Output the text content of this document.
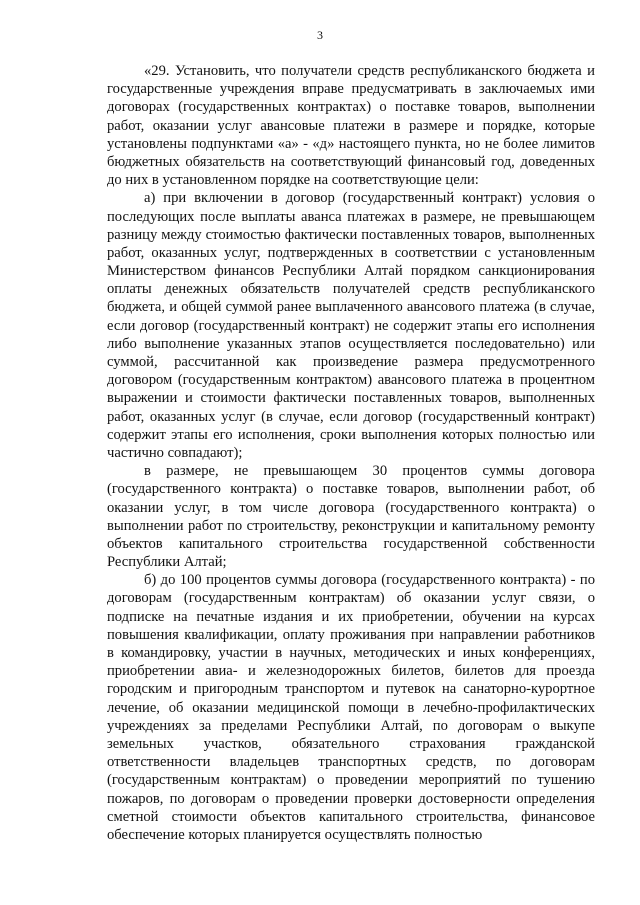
3

«29. Установить, что получатели средств республиканского бюджета и государственные учреждения вправе предусматривать в заключаемых ими договорах (государственных контрактах) о поставке товаров, выполнении работ, оказании услуг авансовые платежи в размере и порядке, которые установлены подпунктами «а» - «д» настоящего пункта, но не более лимитов бюджетных обязательств на соответствующий финансовый год, доведенных до них в установленном порядке на соответствующие цели:

а) при включении в договор (государственный контракт) условия о последующих после выплаты аванса платежах в размере, не превышающем разницу между стоимостью фактически поставленных товаров, выполненных работ, оказанных услуг, подтвержденных в соответствии с установленным Министерством финансов Республики Алтай порядком санкционирования оплаты денежных обязательств получателей средств республиканского бюджета, и общей суммой ранее выплаченного авансового платежа (в случае, если договор (государственный контракт) не содержит этапы его исполнения либо выполнение указанных этапов осуществляется последовательно) или суммой, рассчитанной как произведение размера предусмотренного договором (государственным контрактом) авансового платежа в процентном выражении и стоимости фактически поставленных товаров, выполненных работ, оказанных услуг (в случае, если договор (государственный контракт) содержит этапы его исполнения, сроки выполнения которых полностью или частично совпадают);

в размере, не превышающем 30 процентов суммы договора (государственного контракта) о поставке товаров, выполнении работ, об оказании услуг, в том числе договора (государственного контракта) о выполнении работ по строительству, реконструкции и капитальному ремонту объектов капитального строительства государственной собственности Республики Алтай;

б) до 100 процентов суммы договора (государственного контракта) - по договорам (государственным контрактам) об оказании услуг связи, о подписке на печатные издания и их приобретении, обучении на курсах повышения квалификации, оплату проживания при направлении работников в командировку, участии в научных, методических и иных конференциях, приобретении авиа- и железнодорожных билетов, билетов для проезда городским и пригородным транспортом и путевок на санаторно-курортное лечение, об оказании медицинской помощи в лечебно-профилактических учреждениях за пределами Республики Алтай, по договорам о выкупе земельных участков, обязательного страхования гражданской ответственности владельцев транспортных средств, по договорам (государственным контрактам) о проведении мероприятий по тушению пожаров, по договорам о проведении проверки достоверности определения сметной стоимости объектов капитального строительства, финансовое обеспечение которых планируется осуществлять полностью
